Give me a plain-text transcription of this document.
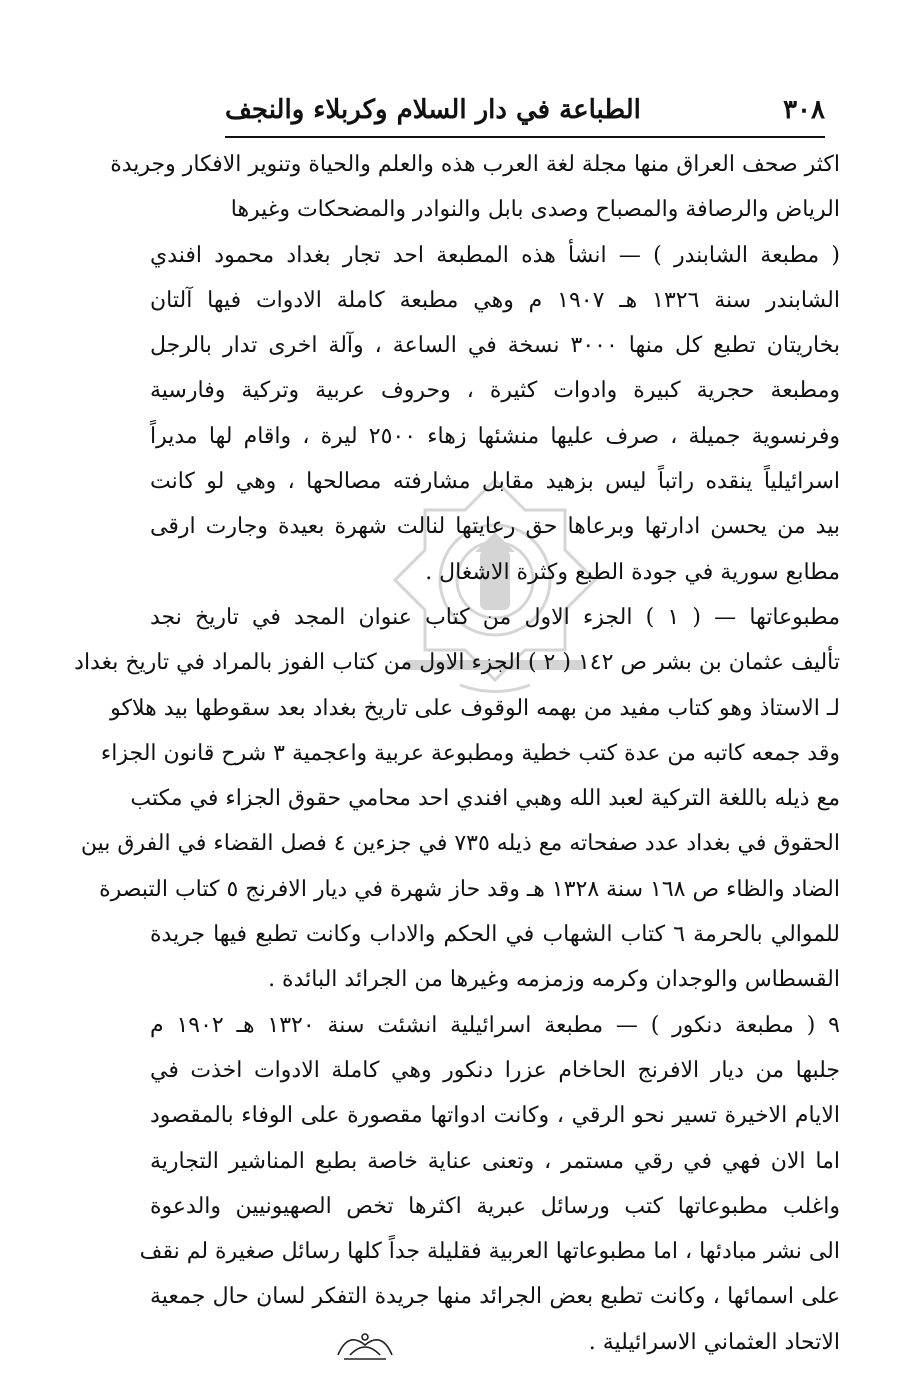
٣٠٨
الطباعة في دار السلام وكربلاء والنجف
اكثر صحف العراق منها مجلة لغة العرب هذه والعلم والحياة وتنوير الافكار وجريدة
الرياض والرصافة والمصباح وصدى بابل والنوادر والمضحكات وغيرها
( مطبعة الشابندر ) — انشأ هذه المطبعة احد تجار بغداد محمود افندي
الشابندر سنة ١٣٢٦ هـ ١٩٠٧ م وهي مطبعة كاملة الادوات فيها آلتان
بخاريتان تطبع كل منها ٣٠٠٠ نسخة في الساعة ، وآلة اخرى تدار بالرجل
ومطبعة حجرية كبيرة وادوات كثيرة ، وحروف عربية وتركية وفارسية
وفرنسوية جميلة ، صرف عليها منشئها زهاء ٢٥٠٠ ليرة ، واقام لها مديراً
اسرائيلياً ينقده راتباً ليس بزهيد مقابل مشارفته مصالحها ، وهي لو كانت
بيد من يحسن ادارتها وبرعاها حق رعايتها لنالت شهرة بعيدة وجارت ارقى
مطابع سورية في جودة الطبع وكثرة الاشغال .
مطبوعاتها — ( ١ ) الجزء الاول من كتاب عنوان المجد في تاريخ نجد
تأليف عثمان بن بشر ص ١٤٢ ( ٢ ) الجزء الاول من كتاب الفوز بالمراد في تاريخ بغداد
لـ الاستاذ وهو كتاب مفيد من بهمه الوقوف على تاريخ بغداد بعد سقوطها بيد هلاكو
وقد جمعه كاتبه من عدة كتب خطية ومطبوعة عربية واعجمية ٣ شرح قانون الجزاء
مع ذيله باللغة التركية لعبد الله وهبي افندي احد محامي حقوق الجزاء في مكتب
الحقوق في بغداد عدد صفحاته مع ذيله ٧٣٥ في جزءين ٤ فصل القضاء في الفرق بين
الضاد والظاء ص ١٦٨ سنة ١٣٢٨ هـ وقد حاز شهرة في ديار الافرنج ٥ كتاب التبصرة
للموالي بالحرمة ٦ كتاب الشهاب في الحكم والاداب وكانت تطبع فيها جريدة
القسطاس والوجدان وكرمه وزمزمه وغيرها من الجرائد البائدة .
٩ ( مطبعة دنكور ) — مطبعة اسرائيلية انشئت سنة ١٣٢٠ هـ ١٩٠٢ م
جلبها من ديار الافرنج الحاخام عزرا دنكور وهي كاملة الادوات اخذت في
الايام الاخيرة تسير نحو الرقي ، وكانت ادواتها مقصورة على الوفاء بالمقصود
اما الان فهي في رقي مستمر ، وتعنى عناية خاصة بطبع المناشير التجارية
واغلب مطبوعاتها كتب ورسائل عبرية اكثرها تخص الصهيونيين والدعوة
الى نشر مبادئها ، اما مطبوعاتها العربية فقليلة جداً كلها رسائل صغيرة لم نقف
على اسمائها ، وكانت تطبع بعض الجرائد منها جريدة التفكر لسان حال جمعية
الاتحاد العثماني الاسرائيلية .
